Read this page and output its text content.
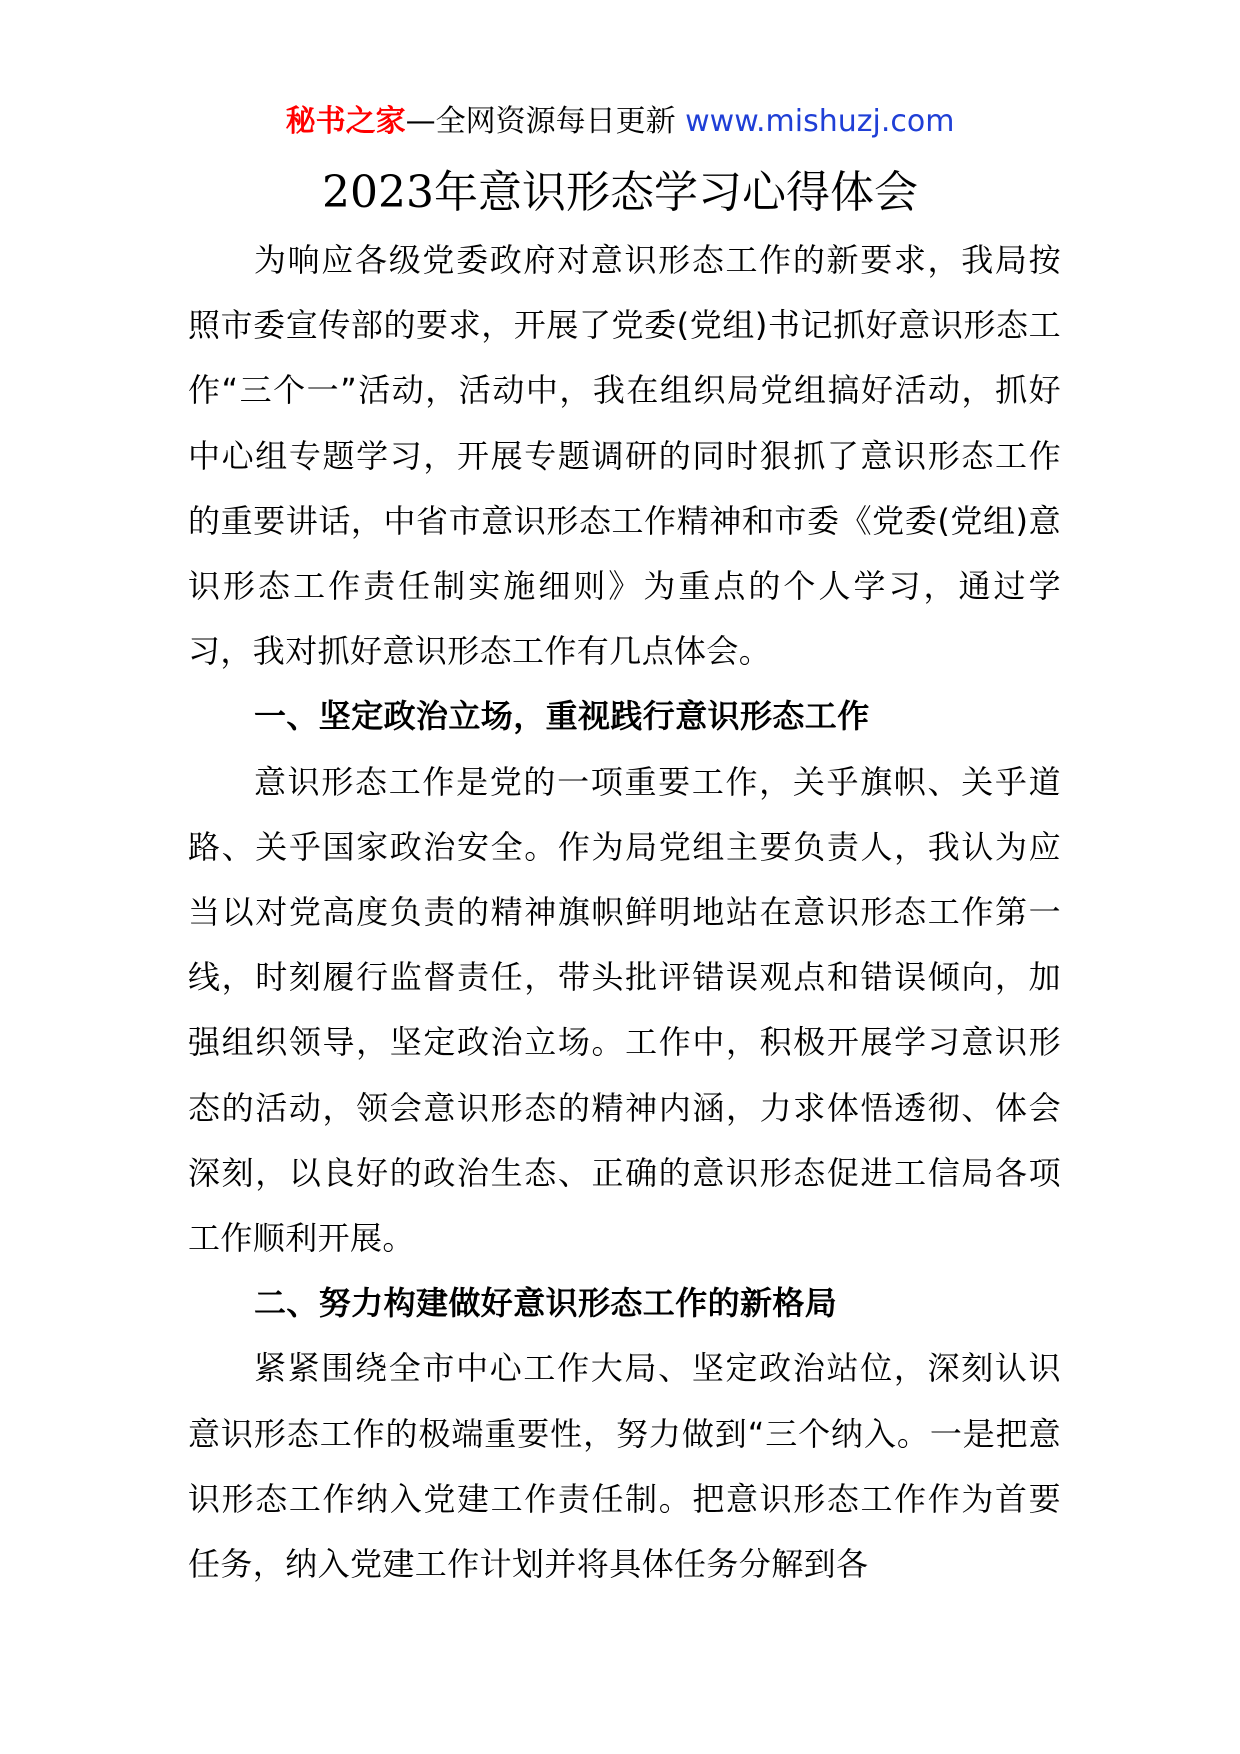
秘书之家—全网资源每日更新 www.mishuzj.com
2023年意识形态学习心得体会

为响应各级党委政府对意识形态工作的新要求，我局按照市委宣传部的要求，开展了党委(党组)书记抓好意识形态工作“三个一”活动，活动中，我在组织局党组搞好活动，抓好中心组专题学习，开展专题调研的同时狠抓了意识形态工作的重要讲话，中省市意识形态工作精神和市委《党委(党组)意识形态工作责任制实施细则》为重点的个人学习，通过学习，我对抓好意识形态工作有几点体会。

一、坚定政治立场，重视践行意识形态工作

意识形态工作是党的一项重要工作，关乎旗帜、关乎道路、关乎国家政治安全。作为局党组主要负责人，我认为应当以对党高度负责的精神旗帜鲜明地站在意识形态工作第一线，时刻履行监督责任，带头批评错误观点和错误倾向，加强组织领导，坚定政治立场。工作中，积极开展学习意识形态的活动，领会意识形态的精神内涵，力求体悟透彻、体会深刻，以良好的政治生态、正确的意识形态促进工信局各项工作顺利开展。

二、努力构建做好意识形态工作的新格局

紧紧围绕全市中心工作大局、坚定政治站位，深刻认识意识形态工作的极端重要性，努力做到“三个纳入。一是把意识形态工作纳入党建工作责任制。把意识形态工作作为首要任务，纳入党建工作计划并将具体任务分解到各
